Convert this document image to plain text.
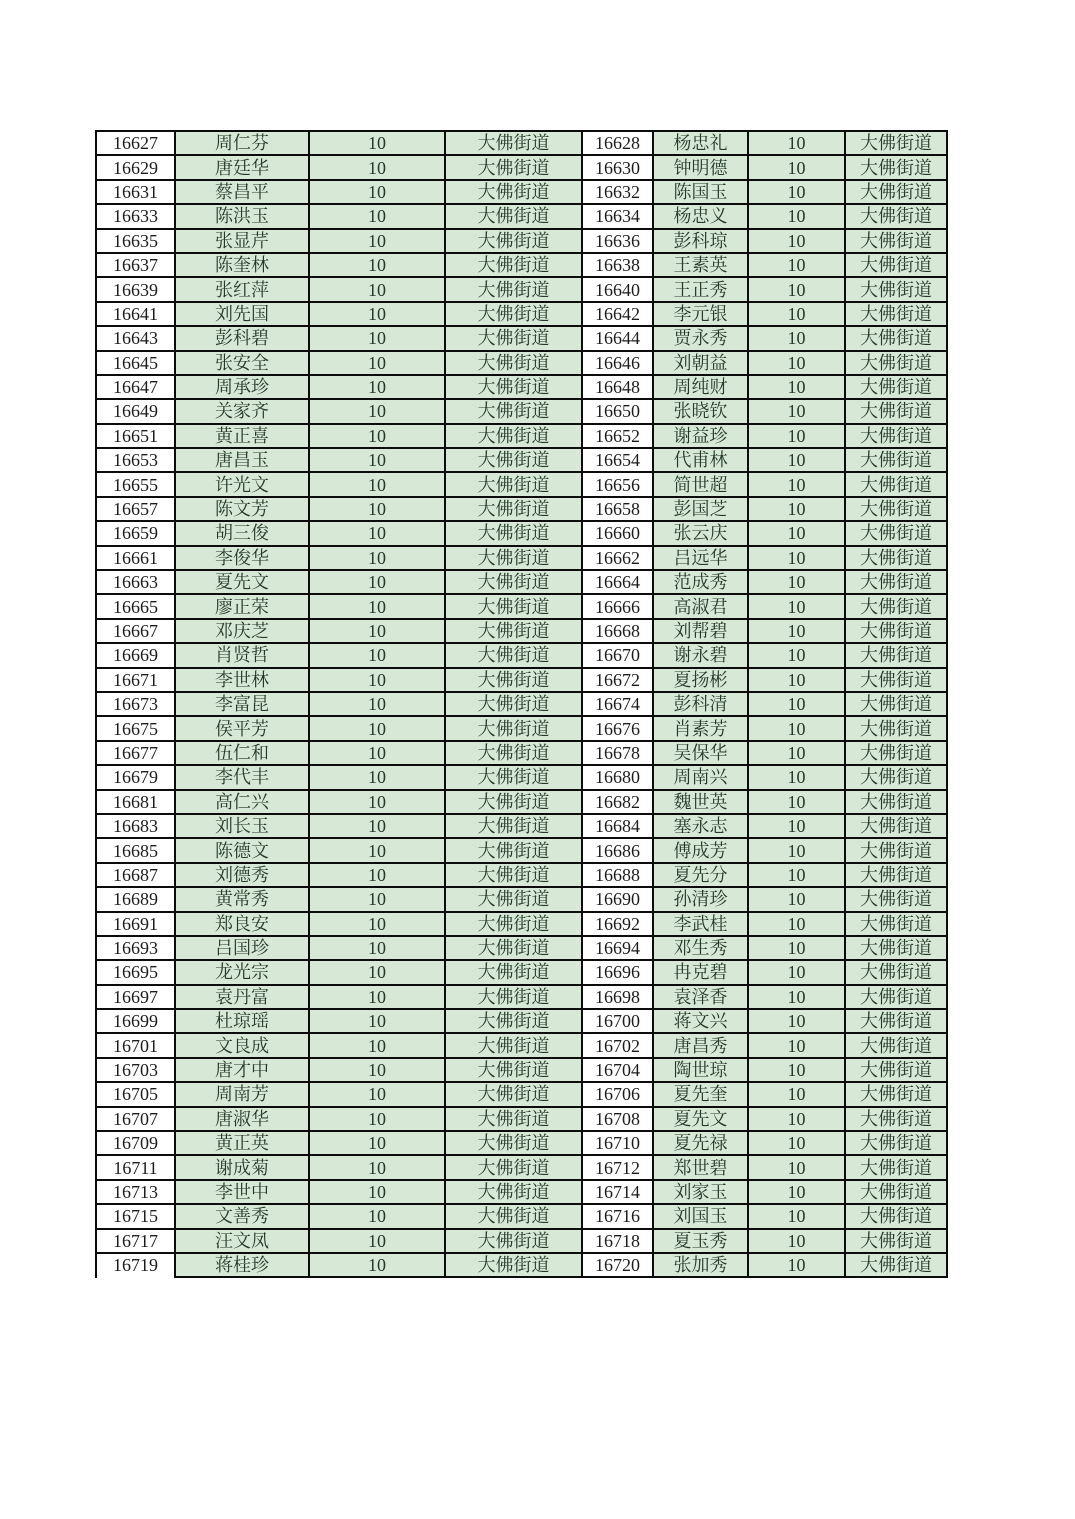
16627	周仁芬	10	大佛街道	16628	杨忠礼	10	大佛街道
16629	唐廷华	10	大佛街道	16630	钟明德	10	大佛街道
16631	蔡昌平	10	大佛街道	16632	陈国玉	10	大佛街道
16633	陈洪玉	10	大佛街道	16634	杨忠义	10	大佛街道
16635	张显芹	10	大佛街道	16636	彭科琼	10	大佛街道
16637	陈奎林	10	大佛街道	16638	王素英	10	大佛街道
16639	张红萍	10	大佛街道	16640	王正秀	10	大佛街道
16641	刘先国	10	大佛街道	16642	李元银	10	大佛街道
16643	彭科碧	10	大佛街道	16644	贾永秀	10	大佛街道
16645	张安全	10	大佛街道	16646	刘朝益	10	大佛街道
16647	周承珍	10	大佛街道	16648	周纯财	10	大佛街道
16649	关家齐	10	大佛街道	16650	张晓钦	10	大佛街道
16651	黄正喜	10	大佛街道	16652	谢益珍	10	大佛街道
16653	唐昌玉	10	大佛街道	16654	代甫林	10	大佛街道
16655	许光文	10	大佛街道	16656	简世超	10	大佛街道
16657	陈文芳	10	大佛街道	16658	彭国芝	10	大佛街道
16659	胡三俊	10	大佛街道	16660	张云庆	10	大佛街道
16661	李俊华	10	大佛街道	16662	吕远华	10	大佛街道
16663	夏先文	10	大佛街道	16664	范成秀	10	大佛街道
16665	廖正荣	10	大佛街道	16666	高淑君	10	大佛街道
16667	邓庆芝	10	大佛街道	16668	刘帮碧	10	大佛街道
16669	肖贤哲	10	大佛街道	16670	谢永碧	10	大佛街道
16671	李世林	10	大佛街道	16672	夏扬彬	10	大佛街道
16673	李富昆	10	大佛街道	16674	彭科清	10	大佛街道
16675	侯平芳	10	大佛街道	16676	肖素芳	10	大佛街道
16677	伍仁和	10	大佛街道	16678	吴保华	10	大佛街道
16679	李代丰	10	大佛街道	16680	周南兴	10	大佛街道
16681	高仁兴	10	大佛街道	16682	魏世英	10	大佛街道
16683	刘长玉	10	大佛街道	16684	塞永志	10	大佛街道
16685	陈德文	10	大佛街道	16686	傅成芳	10	大佛街道
16687	刘德秀	10	大佛街道	16688	夏先分	10	大佛街道
16689	黄常秀	10	大佛街道	16690	孙清珍	10	大佛街道
16691	郑良安	10	大佛街道	16692	李武桂	10	大佛街道
16693	吕国珍	10	大佛街道	16694	邓生秀	10	大佛街道
16695	龙光宗	10	大佛街道	16696	冉克碧	10	大佛街道
16697	袁丹富	10	大佛街道	16698	袁泽香	10	大佛街道
16699	杜琼瑶	10	大佛街道	16700	蒋文兴	10	大佛街道
16701	文良成	10	大佛街道	16702	唐昌秀	10	大佛街道
16703	唐才中	10	大佛街道	16704	陶世琼	10	大佛街道
16705	周南芳	10	大佛街道	16706	夏先奎	10	大佛街道
16707	唐淑华	10	大佛街道	16708	夏先文	10	大佛街道
16709	黄正英	10	大佛街道	16710	夏先禄	10	大佛街道
16711	谢成菊	10	大佛街道	16712	郑世碧	10	大佛街道
16713	李世中	10	大佛街道	16714	刘家玉	10	大佛街道
16715	文善秀	10	大佛街道	16716	刘国玉	10	大佛街道
16717	汪文凤	10	大佛街道	16718	夏玉秀	10	大佛街道
16719	蒋桂珍	10	大佛街道	16720	张加秀	10	大佛街道
